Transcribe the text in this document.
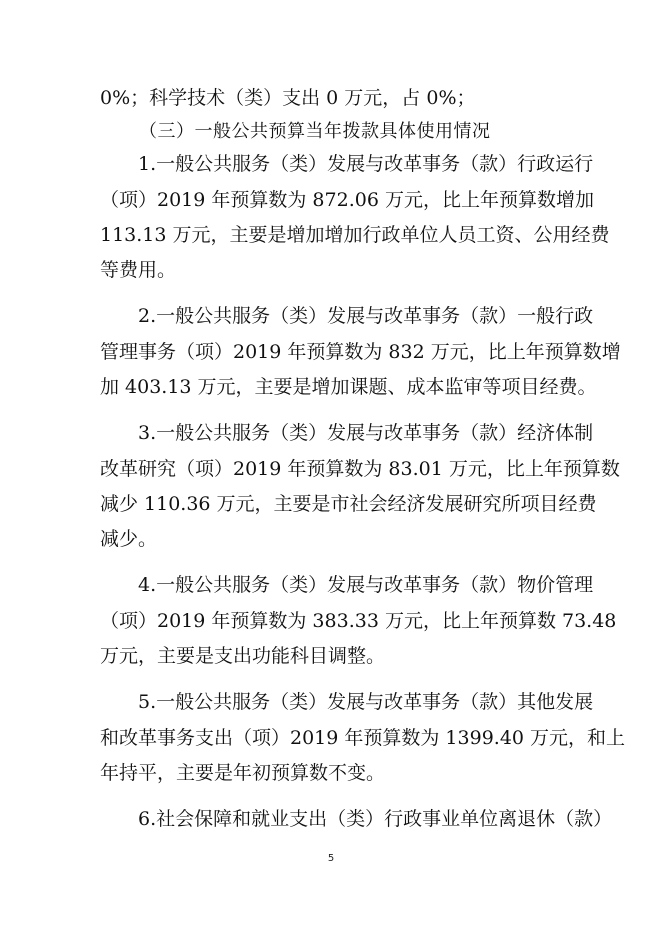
0%；科学技术（类）支出 0 万元，占 0%；
（三）一般公共预算当年拨款具体使用情况
1.一般公共服务（类）发展与改革事务（款）行政运行
（项）2019 年预算数为 872.06 万元，比上年预算数增加
113.13 万元，主要是增加增加行政单位人员工资、公用经费
等费用。
2.一般公共服务（类）发展与改革事务（款）一般行政
管理事务（项）2019 年预算数为 832 万元，比上年预算数增
加 403.13 万元，主要是增加课题、成本监审等项目经费。
3.一般公共服务（类）发展与改革事务（款）经济体制
改革研究（项）2019 年预算数为 83.01 万元，比上年预算数
减少 110.36 万元，主要是市社会经济发展研究所项目经费
减少。
4.一般公共服务（类）发展与改革事务（款）物价管理
（项）2019 年预算数为 383.33 万元，比上年预算数 73.48
万元，主要是支出功能科目调整。
5.一般公共服务（类）发展与改革事务（款）其他发展
和改革事务支出（项）2019 年预算数为 1399.40 万元，和上
年持平，主要是年初预算数不变。
6.社会保障和就业支出（类）行政事业单位离退休（款）
5
